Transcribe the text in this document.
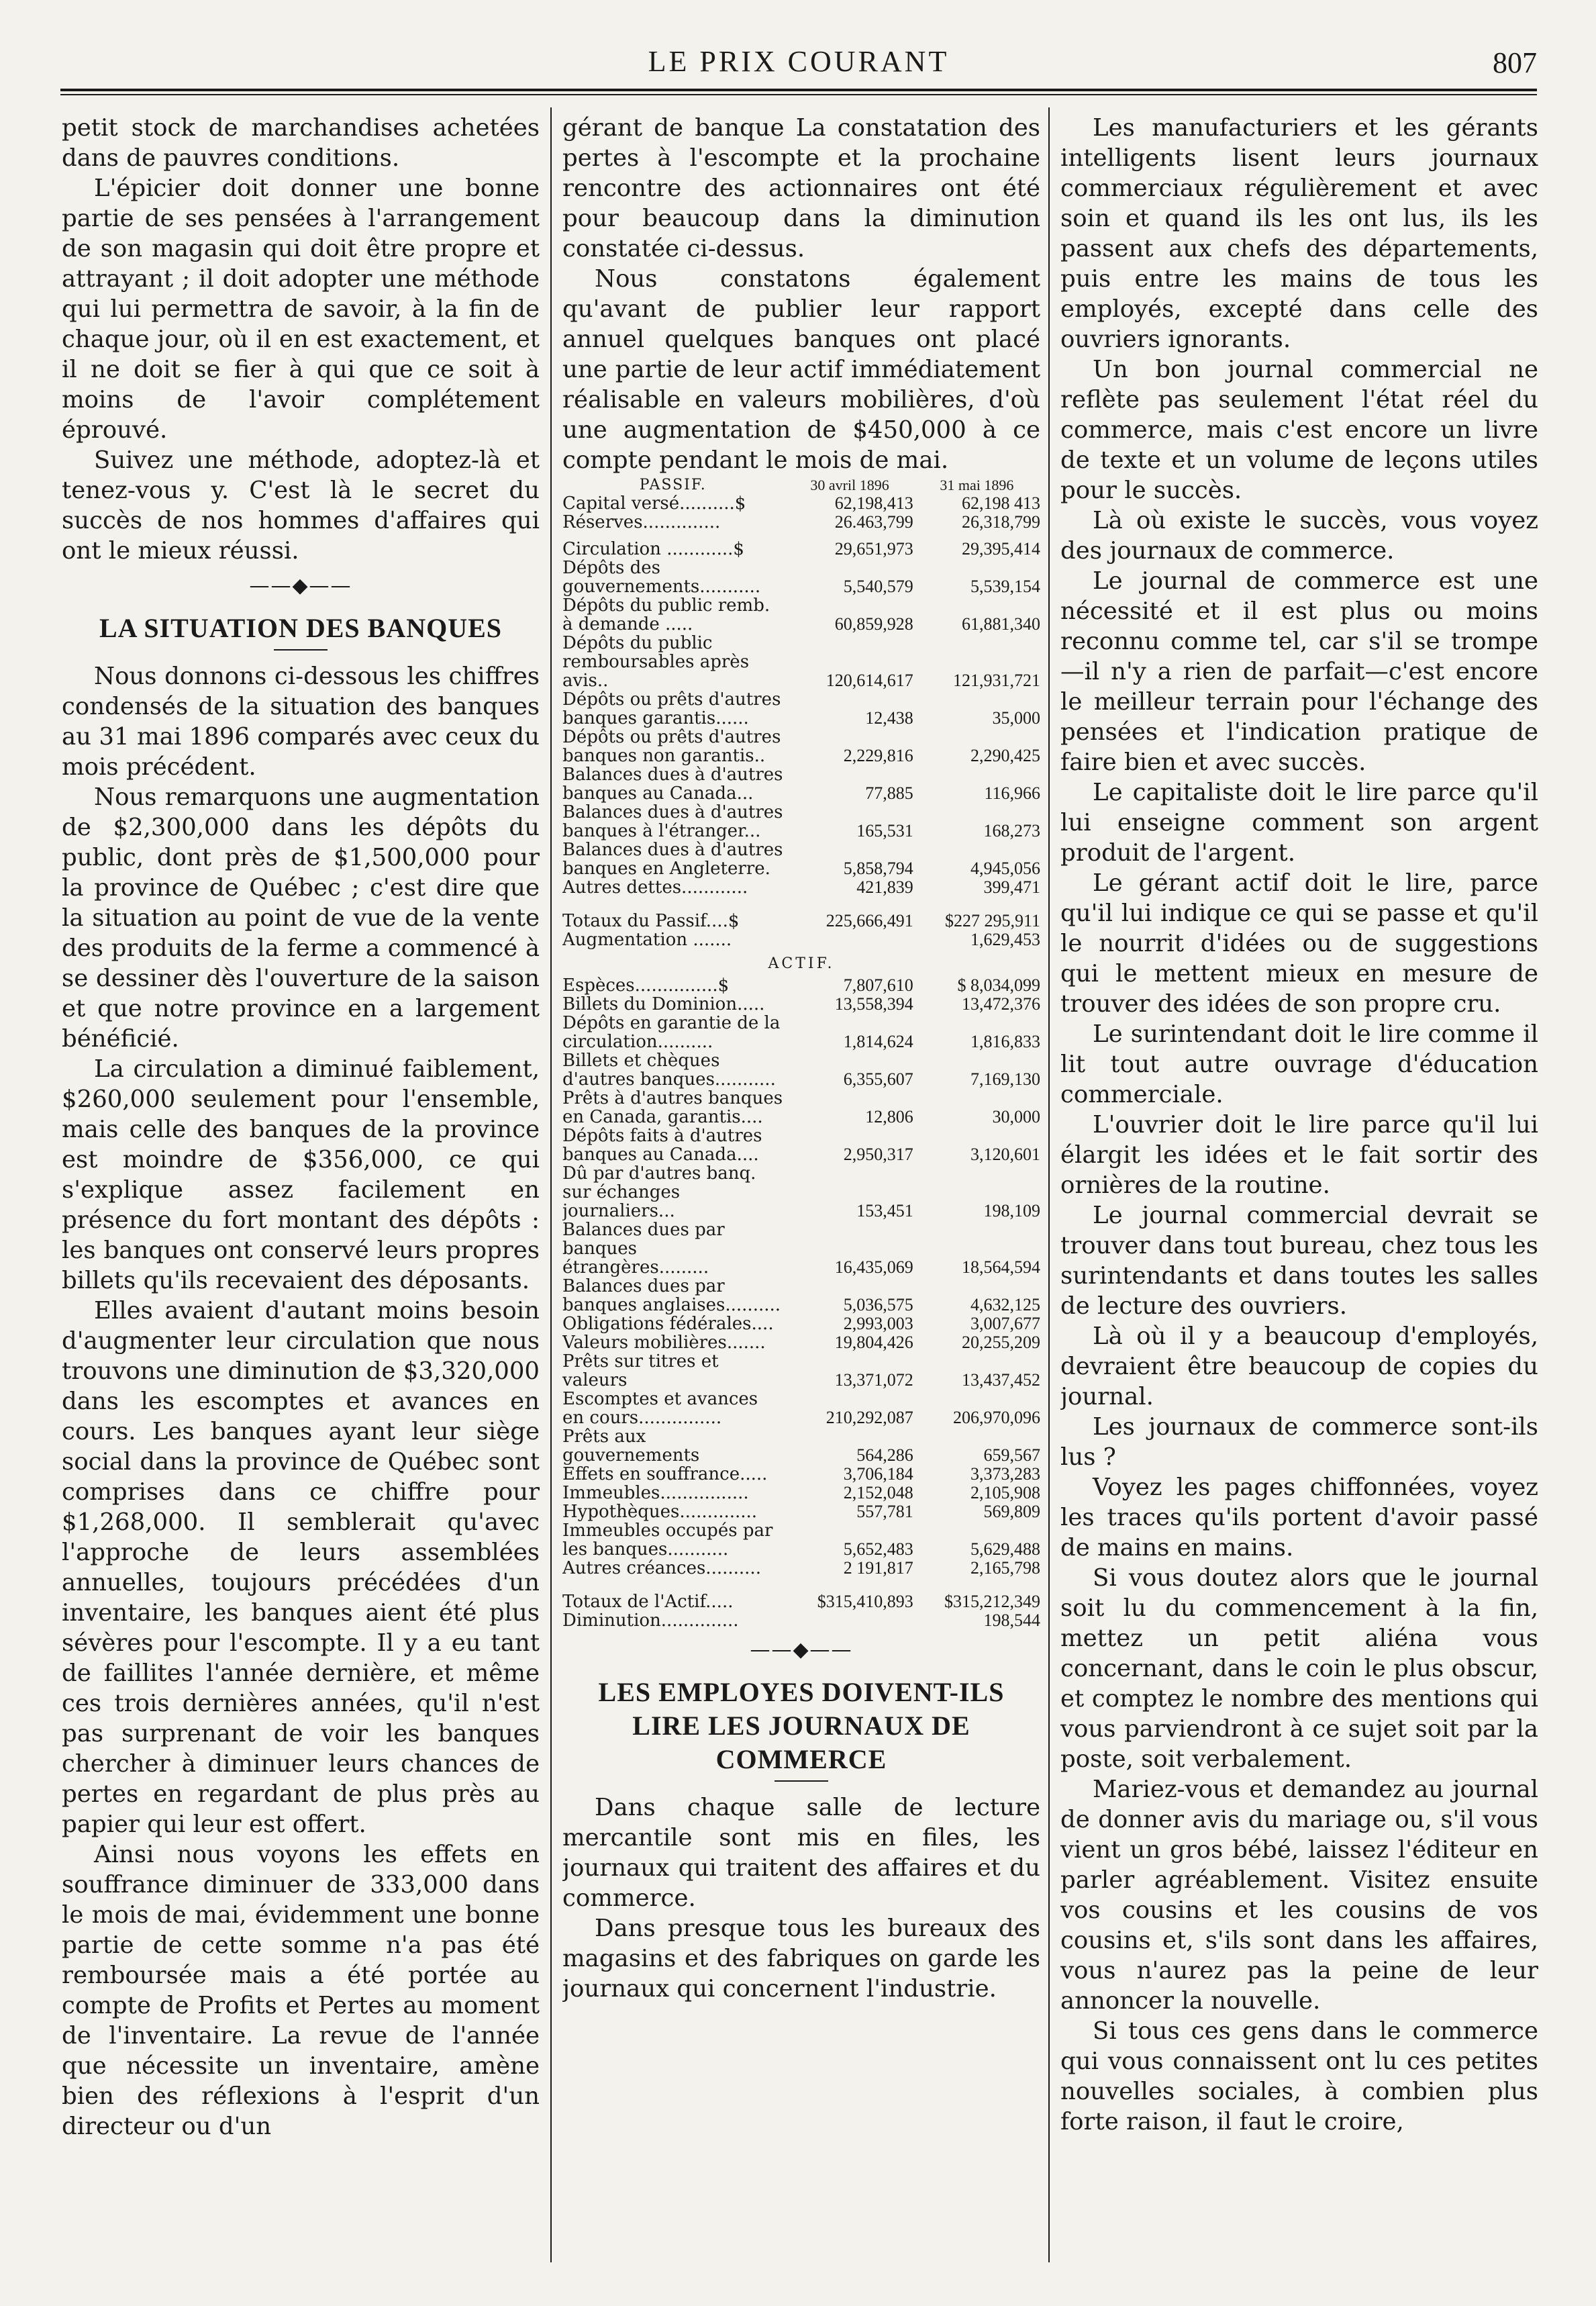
LE PRIX COURANT	807

petit stock de marchandises achetées dans de pauvres conditions.

L'épicier doit donner une bonne partie de ses pensées à l'arrangement de son magasin qui doit être propre et attrayant ; il doit adopter une méthode qui lui permettra de savoir, à la fin de chaque jour, où il en est exactement, et il ne doit se fier à qui que ce soit à moins de l'avoir complétement éprouvé.

Suivez une méthode, adoptez-là et tenez-vous y. C'est là le secret du succès de nos hommes d'affaires qui ont le mieux réussi.

——◆——
LA SITUATION DES BANQUES

Nous donnons ci-dessous les chiffres condensés de la situation des banques au 31 mai 1896 comparés avec ceux du mois précédent.

Nous remarquons une augmentation de $2,300,000 dans les dépôts du public, dont près de $1,500,000 pour la province de Québec ; c'est dire que la situation au point de vue de la vente des produits de la ferme a commencé à se dessiner dès l'ouverture de la saison et que notre province en a largement bénéficié.

La circulation a diminué faiblement, $260,000 seulement pour l'ensemble, mais celle des banques de la province est moindre de $356,000, ce qui s'explique assez facilement en présence du fort montant des dépôts : les banques ont conservé leurs propres billets qu'ils recevaient des déposants.

Elles avaient d'autant moins besoin d'augmenter leur circulation que nous trouvons une diminution de $3,320,000 dans les escomptes et avances en cours. Les banques ayant leur siège social dans la province de Québec sont comprises dans ce chiffre pour $1,268,000. Il semblerait qu'avec l'approche de leurs assemblées annuelles, toujours précédées d'un inventaire, les banques aient été plus sévères pour l'escompte. Il y a eu tant de faillites l'année dernière, et même ces trois dernières années, qu'il n'est pas surprenant de voir les banques chercher à diminuer leurs chances de pertes en regardant de plus près au papier qui leur est offert.

Ainsi nous voyons les effets en souffrance diminuer de 333,000 dans le mois de mai, évidemment une bonne partie de cette somme n'a pas été remboursée mais a été portée au compte de Profits et Pertes au moment de l'inventaire. La revue de l'année que nécessite un inventaire, amène bien des réflexions à l'esprit d'un directeur ou d'un

gérant de banque La constatation des pertes à l'escompte et la prochaine rencontre des actionnaires ont été pour beaucoup dans la diminution constatée ci-dessus.

Nous constatons également qu'avant de publier leur rapport annuel quelques banques ont placé une partie de leur actif immédiatement réalisable en valeurs mobilières, d'où une augmentation de $450,000 à ce compte pendant le mois de mai.

PASSIF.	30 avril 1896	31 mai 1896
Capital versé..........$	62,198,413	62,198 413
Réserves..............	26.463,799	26,318,799

Circulation ............$	29,651,973	29,395,414
Dépôts des gouvernements...........	5,540,579	5,539,154
Dépôts du public remb. à demande .....	60,859,928	61,881,340
Dépôts du public remboursables après avis..	120,614,617	121,931,721
Dépôts ou prêts d'autres banques garantis......	12,438	35,000
Dépôts ou prêts d'autres banques non garantis..	2,229,816	2,290,425
Balances dues à d'autres banques au Canada...	77,885	116,966
Balances dues à d'autres banques à l'étranger...	165,531	168,273
Balances dues à d'autres banques en Angleterre.	5,858,794	4,945,056
Autres dettes............	421,839	399,471

Totaux du Passif....$	225,666,491	$227 295,911
Augmentation .......		1,629,453
ACTIF.		
Espèces...............$	7,807,610	$ 8,034,099
Billets du Dominion.....	13,558,394	13,472,376
Dépôts en garantie de la circulation..........	1,814,624	1,816,833
Billets et chèques d'autres banques...........	6,355,607	7,169,130
Prêts à d'autres banques en Canada, garantis....	12,806	30,000
Dépôts faits à d'autres banques au Canada....	2,950,317	3,120,601
Dû par d'autres banq. sur échanges journaliers...	153,451	198,109
Balances dues par banques étrangères.........	16,435,069	18,564,594
Balances dues par banques anglaises..........	5,036,575	4,632,125
Obligations fédérales....	2,993,003	3,007,677
Valeurs mobilières.......	19,804,426	20,255,209
Prêts sur titres et valeurs	13,371,072	13,437,452
Escomptes et avances en cours...............	210,292,087	206,970,096
Prêts aux gouvernements	564,286	659,567
Effets en souffrance.....	3,706,184	3,373,283
Immeubles................	2,152,048	2,105,908
Hypothèques..............	557,781	569,809
Immeubles occupés par les banques...........	5,652,483	5,629,488
Autres créances..........	2 191,817	2,165,798

Totaux de l'Actif.....	$315,410,893	$315,212,349
Diminution..............		198,544
——◆——
LES EMPLOYES DOIVENT-ILS LIRE LES JOURNAUX DE COMMERCE

Dans chaque salle de lecture mercantile sont mis en files, les journaux qui traitent des affaires et du commerce.

Dans presque tous les bureaux des magasins et des fabriques on garde les journaux qui concernent l'industrie.

Les manufacturiers et les gérants intelligents lisent leurs journaux commerciaux régulièrement et avec soin et quand ils les ont lus, ils les passent aux chefs des départements, puis entre les mains de tous les employés, excepté dans celle des ouvriers ignorants.

Un bon journal commercial ne reflète pas seulement l'état réel du commerce, mais c'est encore un livre de texte et un volume de leçons utiles pour le succès.

Là où existe le succès, vous voyez des journaux de commerce.

Le journal de commerce est une nécessité et il est plus ou moins reconnu comme tel, car s'il se trompe—il n'y a rien de parfait—c'est encore le meilleur terrain pour l'échange des pensées et l'indication pratique de faire bien et avec succès.

Le capitaliste doit le lire parce qu'il lui enseigne comment son argent produit de l'argent.

Le gérant actif doit le lire, parce qu'il lui indique ce qui se passe et qu'il le nourrit d'idées ou de suggestions qui le mettent mieux en mesure de trouver des idées de son propre cru.

Le surintendant doit le lire comme il lit tout autre ouvrage d'éducation commerciale.

L'ouvrier doit le lire parce qu'il lui élargit les idées et le fait sortir des ornières de la routine.

Le journal commercial devrait se trouver dans tout bureau, chez tous les surintendants et dans toutes les salles de lecture des ouvriers.

Là où il y a beaucoup d'employés, devraient être beaucoup de copies du journal.

Les journaux de commerce sont-ils lus ?

Voyez les pages chiffonnées, voyez les traces qu'ils portent d'avoir passé de mains en mains.

Si vous doutez alors que le journal soit lu du commencement à la fin, mettez un petit aliéna vous concernant, dans le coin le plus obscur, et comptez le nombre des mentions qui vous parviendront à ce sujet soit par la poste, soit verbalement.

Mariez-vous et demandez au journal de donner avis du mariage ou, s'il vous vient un gros bébé, laissez l'éditeur en parler agréablement. Visitez ensuite vos cousins et les cousins de vos cousins et, s'ils sont dans les affaires, vous n'aurez pas la peine de leur annoncer la nouvelle.

Si tous ces gens dans le commerce qui vous connaissent ont lu ces petites nouvelles sociales, à combien plus forte raison, il faut le croire,
